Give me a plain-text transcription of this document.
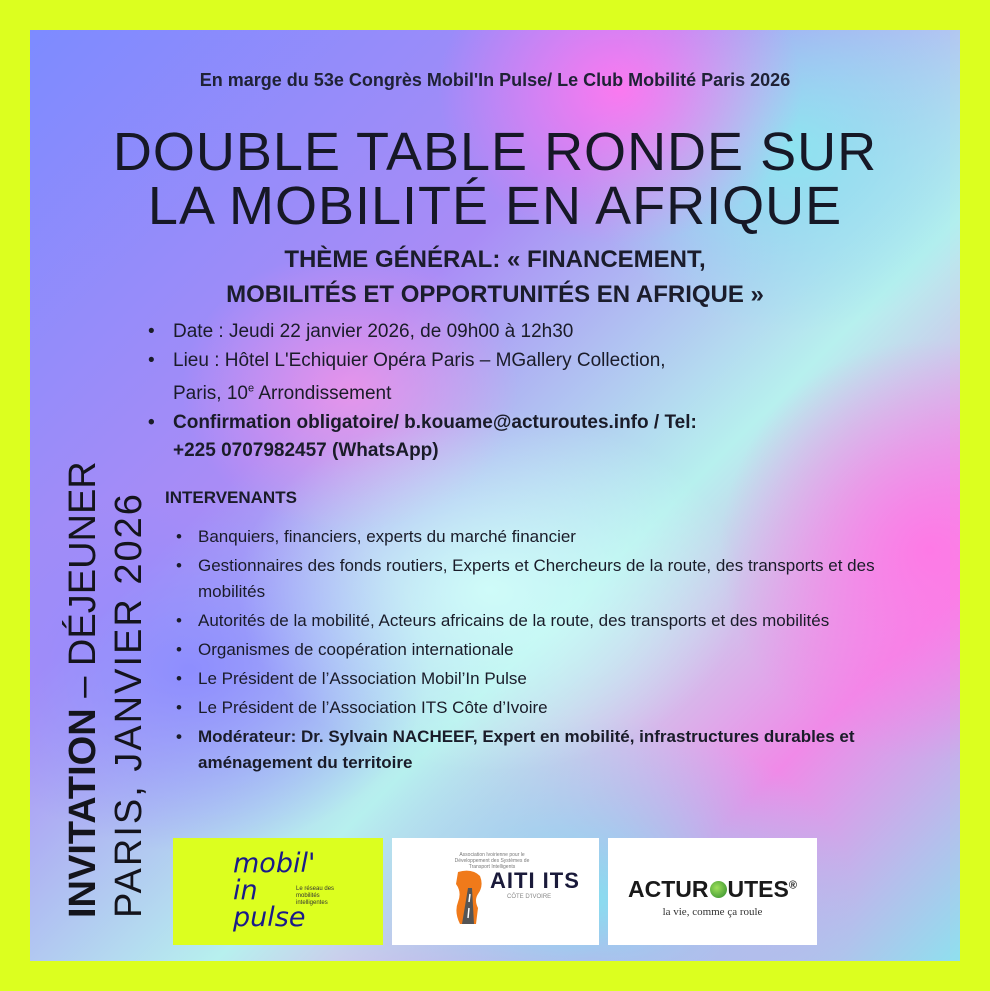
En marge du 53e Congrès Mobil'In Pulse/ Le Club Mobilité Paris 2026
DOUBLE TABLE RONDE SUR
LA MOBILITÉ EN AFRIQUE
THÈME GÉNÉRAL: « FINANCEMENT,
MOBILITÉS ET OPPORTUNITÉS EN AFRIQUE »
• Date : Jeudi 22 janvier 2026, de 09h00 à 12h30
• Lieu : Hôtel L'Echiquier Opéra Paris – MGallery Collection,
Paris, 10e Arrondissement
• Confirmation obligatoire/ b.kouame@acturoutes.info / Tel:
+225 0707982457 (WhatsApp)
INTERVENANTS
• Banquiers, financiers, experts du marché financier
• Gestionnaires des fonds routiers, Experts et Chercheurs de la route, des transports et des mobilités
• Autorités de la mobilité, Acteurs africains de la route, des transports et des mobilités
• Organismes de coopération internationale
• Le Président de l’Association Mobil’In Pulse
• Le Président de l’Association ITS Côte d’Ivoire
• Modérateur: Dr. Sylvain NACHEEF, Expert en mobilité, infrastructures durables et aménagement du territoire
INVITATION – DÉJEUNER PARIS, JANVIER 2026	mobil'
in
pulse
Le réseau des mobilités intelligentes
Association Ivoirienne pour le Développement des Systèmes de Transport Intelligents
AITI ITS
CÔTE D'IVOIRE	ACTUR UTES®
la vie, comme ça roule
